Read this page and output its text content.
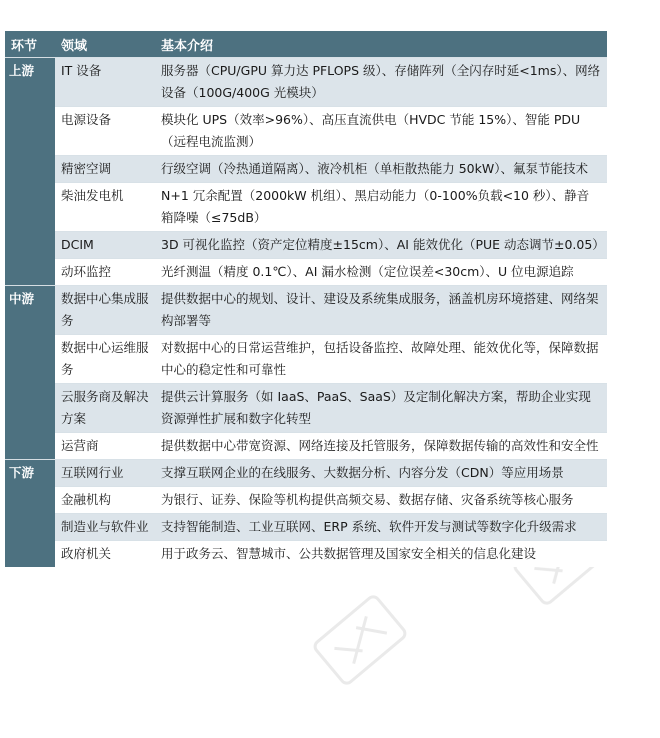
环节	领域	基本介绍
上游	IT 设备	服务器（CPU/GPU 算力达 PFLOPS 级）、存储阵列（全闪存时延<1ms）、网络设备（100G/400G 光模块）
	电源设备	模块化 UPS（效率>96%）、高压直流供电（HVDC 节能 15%）、智能 PDU（远程电流监测）
	精密空调	行级空调（冷热通道隔离）、液冷机柜（单柜散热能力 50kW）、氟泵节能技术
	柴油发电机	N+1 冗余配置（2000kW 机组）、黑启动能力（0-100%负载<10 秒）、静音箱降噪（≤75dB）
	DCIM	3D 可视化监控（资产定位精度±15cm）、AI 能效优化（PUE 动态调节±0.05）
	动环监控	光纤测温（精度 0.1℃）、AI 漏水检测（定位误差<30cm）、U 位电源追踪
中游	数据中心集成服务	提供数据中心的规划、设计、建设及系统集成服务，涵盖机房环境搭建、网络架构部署等
	数据中心运维服务	对数据中心的日常运营维护，包括设备监控、故障处理、能效优化等，保障数据中心的稳定性和可靠性
	云服务商及解决方案	提供云计算服务（如 IaaS、PaaS、SaaS）及定制化解决方案，帮助企业实现资源弹性扩展和数字化转型
	运营商	提供数据中心带宽资源、网络连接及托管服务，保障数据传输的高效性和安全性
下游	互联网行业	支撑互联网企业的在线服务、大数据分析、内容分发（CDN）等应用场景
	金融机构	为银行、证券、保险等机构提供高频交易、数据存储、灾备系统等核心服务
	制造业与软件业	支持智能制造、工业互联网、ERP 系统、软件开发与测试等数字化升级需求
	政府机关	用于政务云、智慧城市、公共数据管理及国家安全相关的信息化建设
